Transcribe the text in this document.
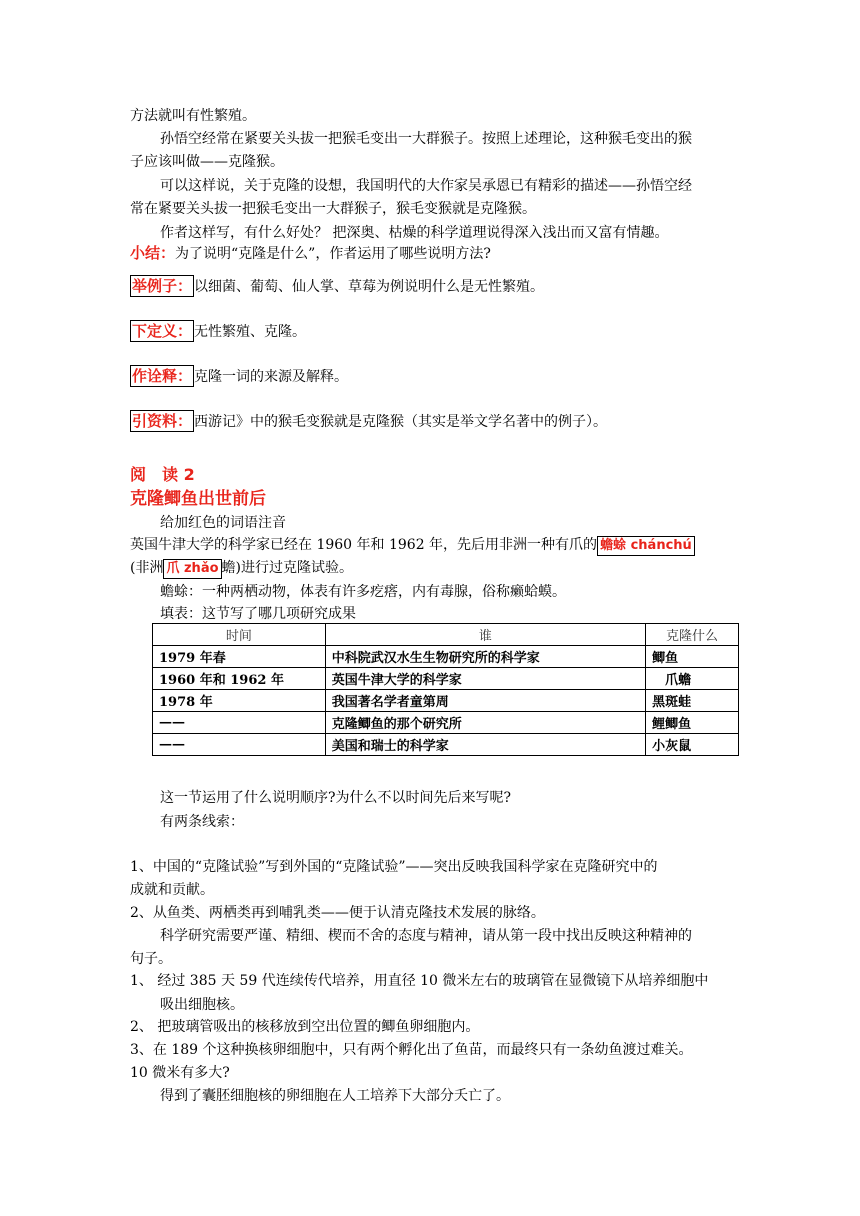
方法就叫有性繁殖。
孙悟空经常在紧要关头拔一把猴毛变出一大群猴子。按照上述理论，这种猴毛变出的猴
子应该叫做——克隆猴。
可以这样说，关于克隆的设想，我国明代的大作家吴承恩已有精彩的描述——孙悟空经
常在紧要关头拔一把猴毛变出一大群猴子，猴毛变猴就是克隆猴。
作者这样写，有什么好处？ 把深奥、枯燥的科学道理说得深入浅出而又富有情趣。
小结：为了说明“克隆是什么”，作者运用了哪些说明方法?
举例子： 以细菌、葡萄、仙人掌、草莓为例说明什么是无性繁殖。
下定义： 无性繁殖、克隆。
作诠释： 克隆一词的来源及解释。
引资料： 西游记》中的猴毛变猴就是克隆猴（其实是举文学名著中的例子）。
阅　读 2
克隆鲫鱼出世前后
给加红色的词语注音
英国牛津大学的科学家已经在 1960 年和 1962 年，先后用非洲一种有爪的 蟾蜍 chánchú
(非洲 爪 zhǎo 蟾)进行过克隆试验。
蟾蜍：一种两栖动物，体表有许多疙瘩，内有毒腺，俗称癞蛤蟆。
填表：这节写了哪几项研究成果
时间	谁	克隆什么
1979 年春	中科院武汉水生生物研究所的科学家	鲫鱼
1960 年和 1962 年	英国牛津大学的科学家	　爪蟾
1978 年	我国著名学者童第周	黑斑蛙
——	克隆鲫鱼的那个研究所	鲤鲫鱼
——	美国和瑞士的科学家	小灰鼠
这一节运用了什么说明顺序?为什么不以时间先后来写呢?
有两条线索：
1、中国的“克隆试验”写到外国的“克隆试验”——突出反映我国科学家在克隆研究中的
成就和贡献。
2、从鱼类、两栖类再到哺乳类——便于认清克隆技术发展的脉络。
科学研究需要严谨、精细、楔而不舍的态度与精神，请从第一段中找出反映这种精神的
句子。
1、 经过 385 天 59 代连续传代培养，用直径 10 微米左右的玻璃管在显微镜下从培养细胞中
吸出细胞核。
2、 把玻璃管吸出的核移放到空出位置的鲫鱼卵细胞内。
3、在 189 个这种换核卵细胞中，只有两个孵化出了鱼苗，而最终只有一条幼鱼渡过难关。
10 微米有多大?
得到了囊胚细胞核的卵细胞在人工培养下大部分夭亡了。
